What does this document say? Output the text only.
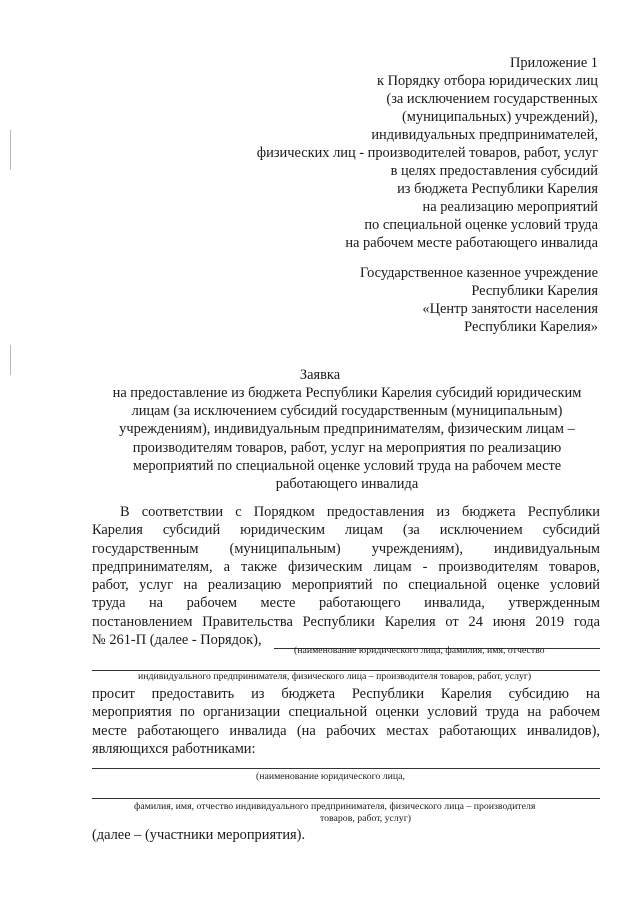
Приложение 1
к Порядку отбора юридических лиц
(за исключением государственных
(муниципальных) учреждений),
индивидуальных предпринимателей,
физических лиц - производителей товаров, работ, услуг
в целях предоставления субсидий
из бюджета Республики Карелия
на реализацию мероприятий
по специальной оценке условий труда
на рабочем месте работающего инвалида
Государственное казенное учреждение
Республики Карелия
«Центр занятости населения
Республики Карелия»
Заявка
на предоставление из бюджета Республики Карелия субсидий юридическим
лицам (за исключением субсидий государственным (муниципальным)
учреждениям), индивидуальным предпринимателям, физическим лицам –
производителям товаров, работ, услуг на мероприятия по реализацию
мероприятий по специальной оценке условий труда на рабочем месте
работающего инвалида
В соответствии с Порядком предоставления из бюджета Республики
Карелия субсидий юридическим лицам (за исключением субсидий
государственным (муниципальным) учреждениям), индивидуальным
предпринимателям, а также физическим лицам - производителям товаров,
работ, услуг на реализацию мероприятий по специальной оценке условий
труда на рабочем месте работающего инвалида, утвержденным
постановлением Правительства Республики Карелия от 24 июня 2019 года
№ 261-П (далее - Порядок),
(наименование юридического лица, фамилия, имя, отчество
индивидуального предпринимателя, физического лица – производителя товаров, работ, услуг)
просит предоставить из бюджета Республики Карелия субсидию на
мероприятия по организации специальной оценки условий труда на рабочем
месте работающего инвалида (на рабочих местах работающих инвалидов),
являющихся работниками:
(наименование юридического лица,
фамилия, имя, отчество индивидуального предпринимателя, физического лица – производителя
товаров, работ, услуг)
(далее – (участники мероприятия).
